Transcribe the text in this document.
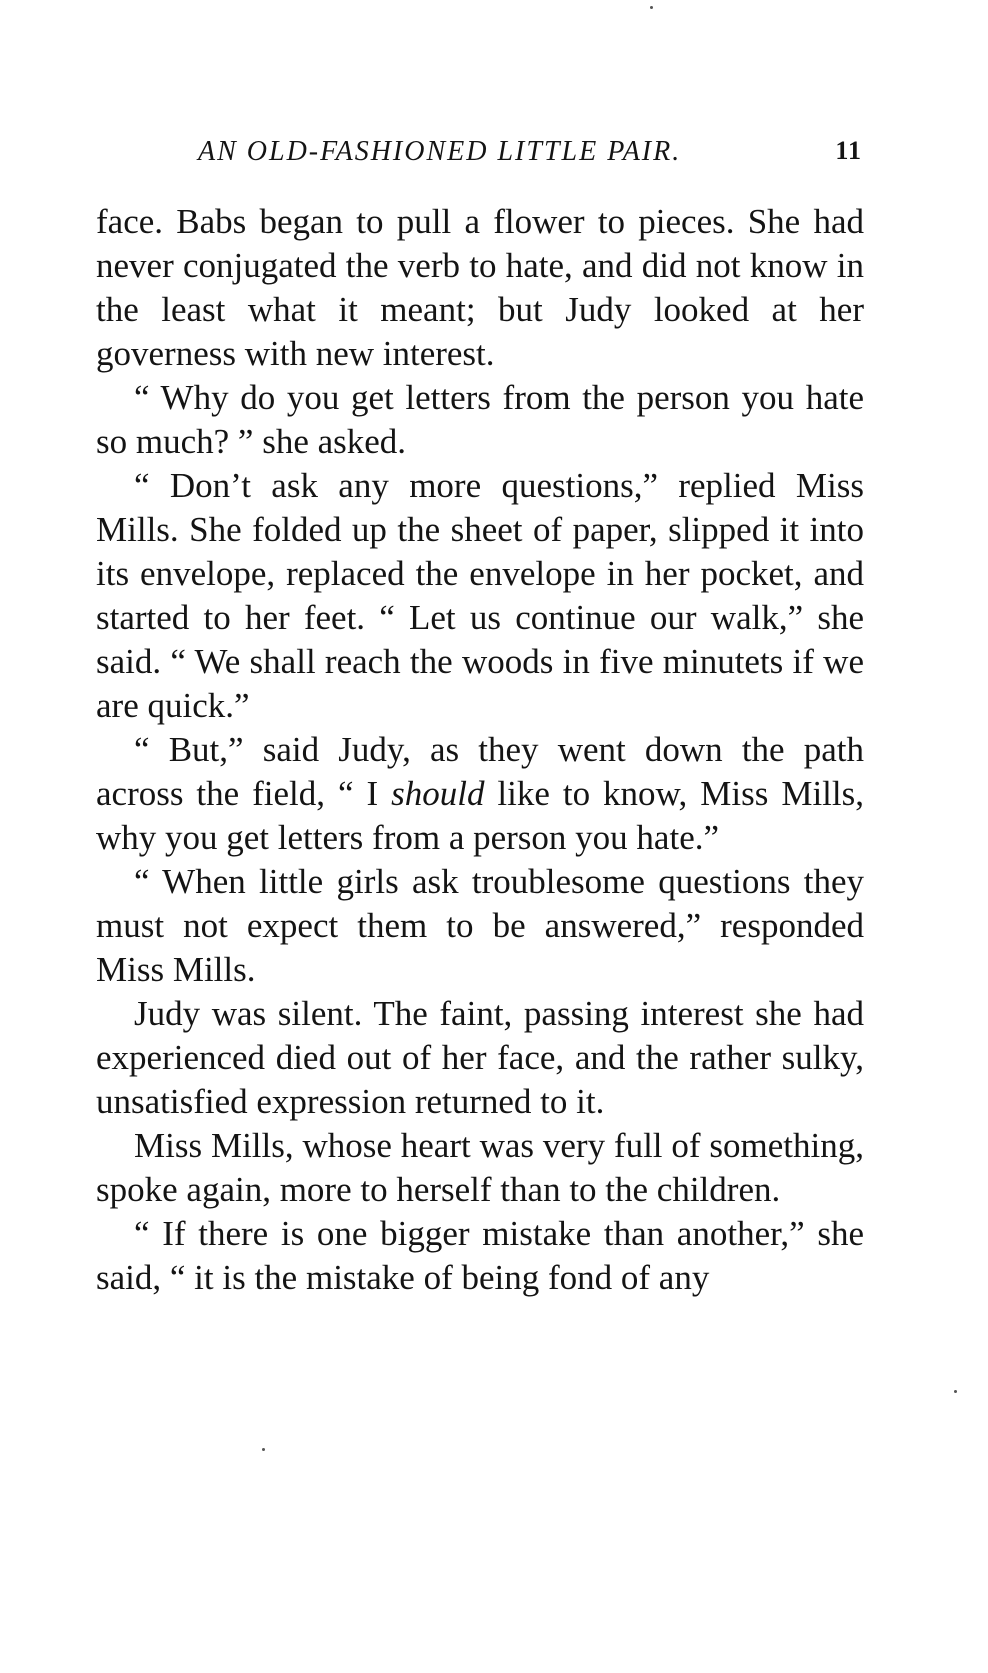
AN OLD-FASHIONED LITTLE PAIR.	11

face. Babs began to pull a flower to pieces. She had never conjugated the verb to hate, and did not know in the least what it meant; but Judy looked at her governess with new interest.

“ Why do you get letters from the person you hate so much? ” she asked.

“ Don’t ask any more questions,” replied Miss Mills. She folded up the sheet of paper, slipped it into its envelope, replaced the envelope in her pocket, and started to her feet. “ Let us continue our walk,” she said. “ We shall reach the woods in five minutets if we are quick.”

“ But,” said Judy, as they went down the path across the field, “ I should like to know, Miss Mills, why you get letters from a person you hate.”

“ When little girls ask troublesome questions they must not expect them to be answered,” responded Miss Mills.

Judy was silent. The faint, passing interest she had experienced died out of her face, and the rather sulky, unsatisfied expression returned to it.

Miss Mills, whose heart was very full of something, spoke again, more to herself than to the children.

“ If there is one bigger mistake than another,” she said, “ it is the mistake of being fond of any
